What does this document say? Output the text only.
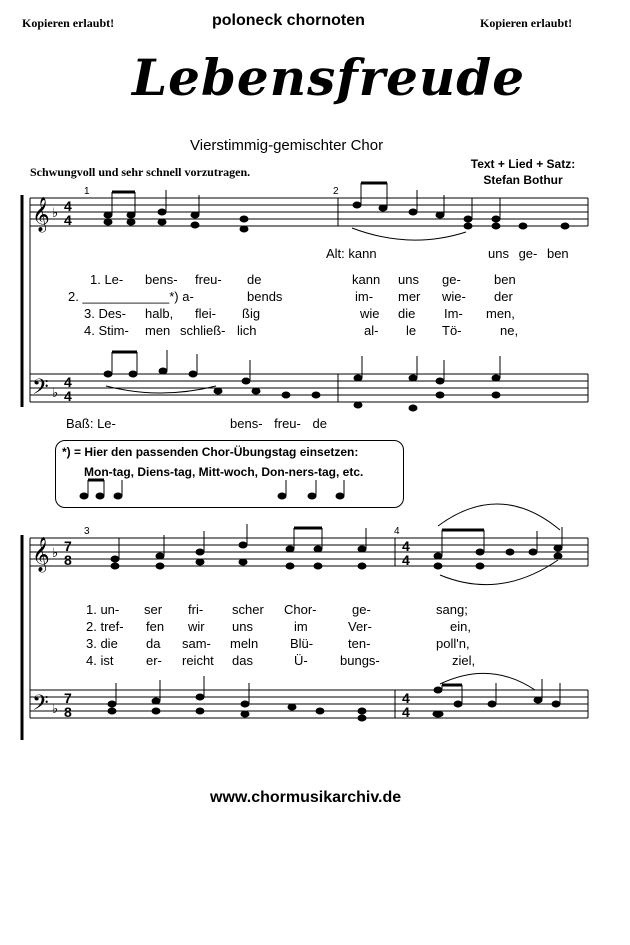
Kopieren erlaubt!	poloneck chornoten	Kopieren erlaubt!
Lebensfreude
Vierstimmig-gemischter Chor
Schwungvoll und sehr schnell vorzutragen.
Text + Lied + Satz:
Stefan Bothur
𝄞
𝄢
𝄞
𝄢
♭
♭
♭
♭
4
4
4
4
7
8
7
8
4
4
4
4
1	2
3	4
Alt: kann	uns ge- ben
1. Le- bens- freu- de	kann uns ge-	ben
2. ____________*) a-	bends	im- mer wie- der
3. Des- halb, flei- ßig	wie die Im- men,
4. Stim- men schließ- lich	al- le Tö-	ne,
Baß: Le-	bens- freu- de
*) = Hier den passenden Chor-Übungstag einsetzen:
Mon-tag, Diens-tag, Mitt-woch, Don-ners-tag, etc.
1. un- ser fri- scher Chor-	ge-	sang;
2. tref- fen wir uns	im	Ver-	ein,
3. die da sam- meln Blü-	ten-	poll'n,
4. ist	er- reicht das	Ü- bungs-	ziel,
www.chormusikarchiv.de
